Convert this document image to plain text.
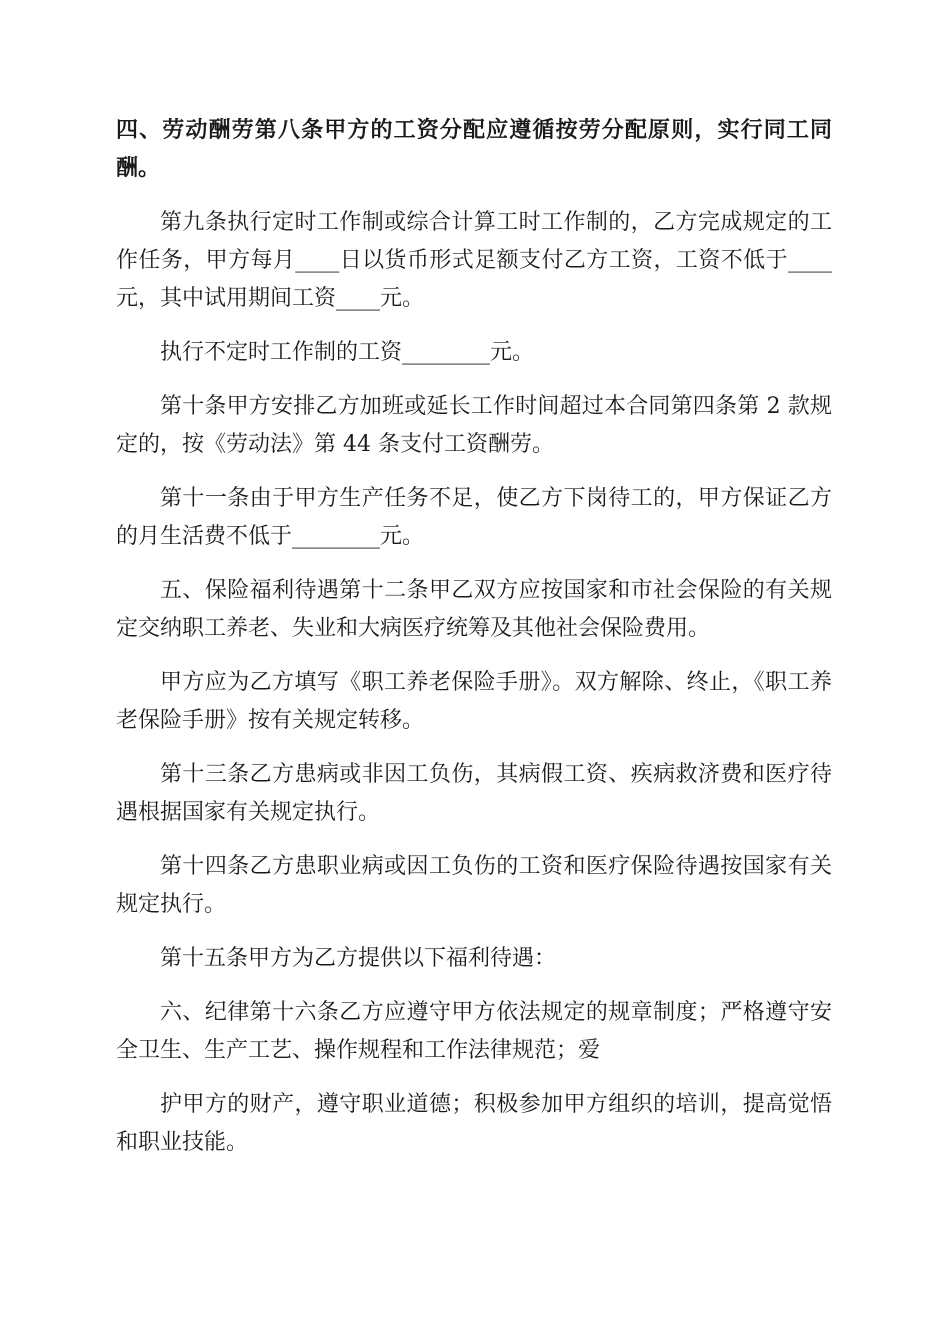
四、劳动酬劳第八条甲方的工资分配应遵循按劳分配原则，实行同工同酬。

第九条执行定时工作制或综合计算工时工作制的，乙方完成规定的工作任务，甲方每月____日以货币形式足额支付乙方工资，工资不低于____元，其中试用期间工资____元。

执行不定时工作制的工资________元。

第十条甲方安排乙方加班或延长工作时间超过本合同第四条第 2 款规定的，按《劳动法》第 44 条支付工资酬劳。

第十一条由于甲方生产任务不足，使乙方下岗待工的，甲方保证乙方的月生活费不低于________元。

五、保险福利待遇第十二条甲乙双方应按国家和市社会保险的有关规定交纳职工养老、失业和大病医疗统筹及其他社会保险费用。

甲方应为乙方填写《职工养老保险手册》。双方解除、终止，《职工养老保险手册》按有关规定转移。

第十三条乙方患病或非因工负伤，其病假工资、疾病救济费和医疗待遇根据国家有关规定执行。

第十四条乙方患职业病或因工负伤的工资和医疗保险待遇按国家有关规定执行。

第十五条甲方为乙方提供以下福利待遇：

六、纪律第十六条乙方应遵守甲方依法规定的规章制度；严格遵守安全卫生、生产工艺、操作规程和工作法律规范；爱

护甲方的财产，遵守职业道德；积极参加甲方组织的培训，提高觉悟和职业技能。
